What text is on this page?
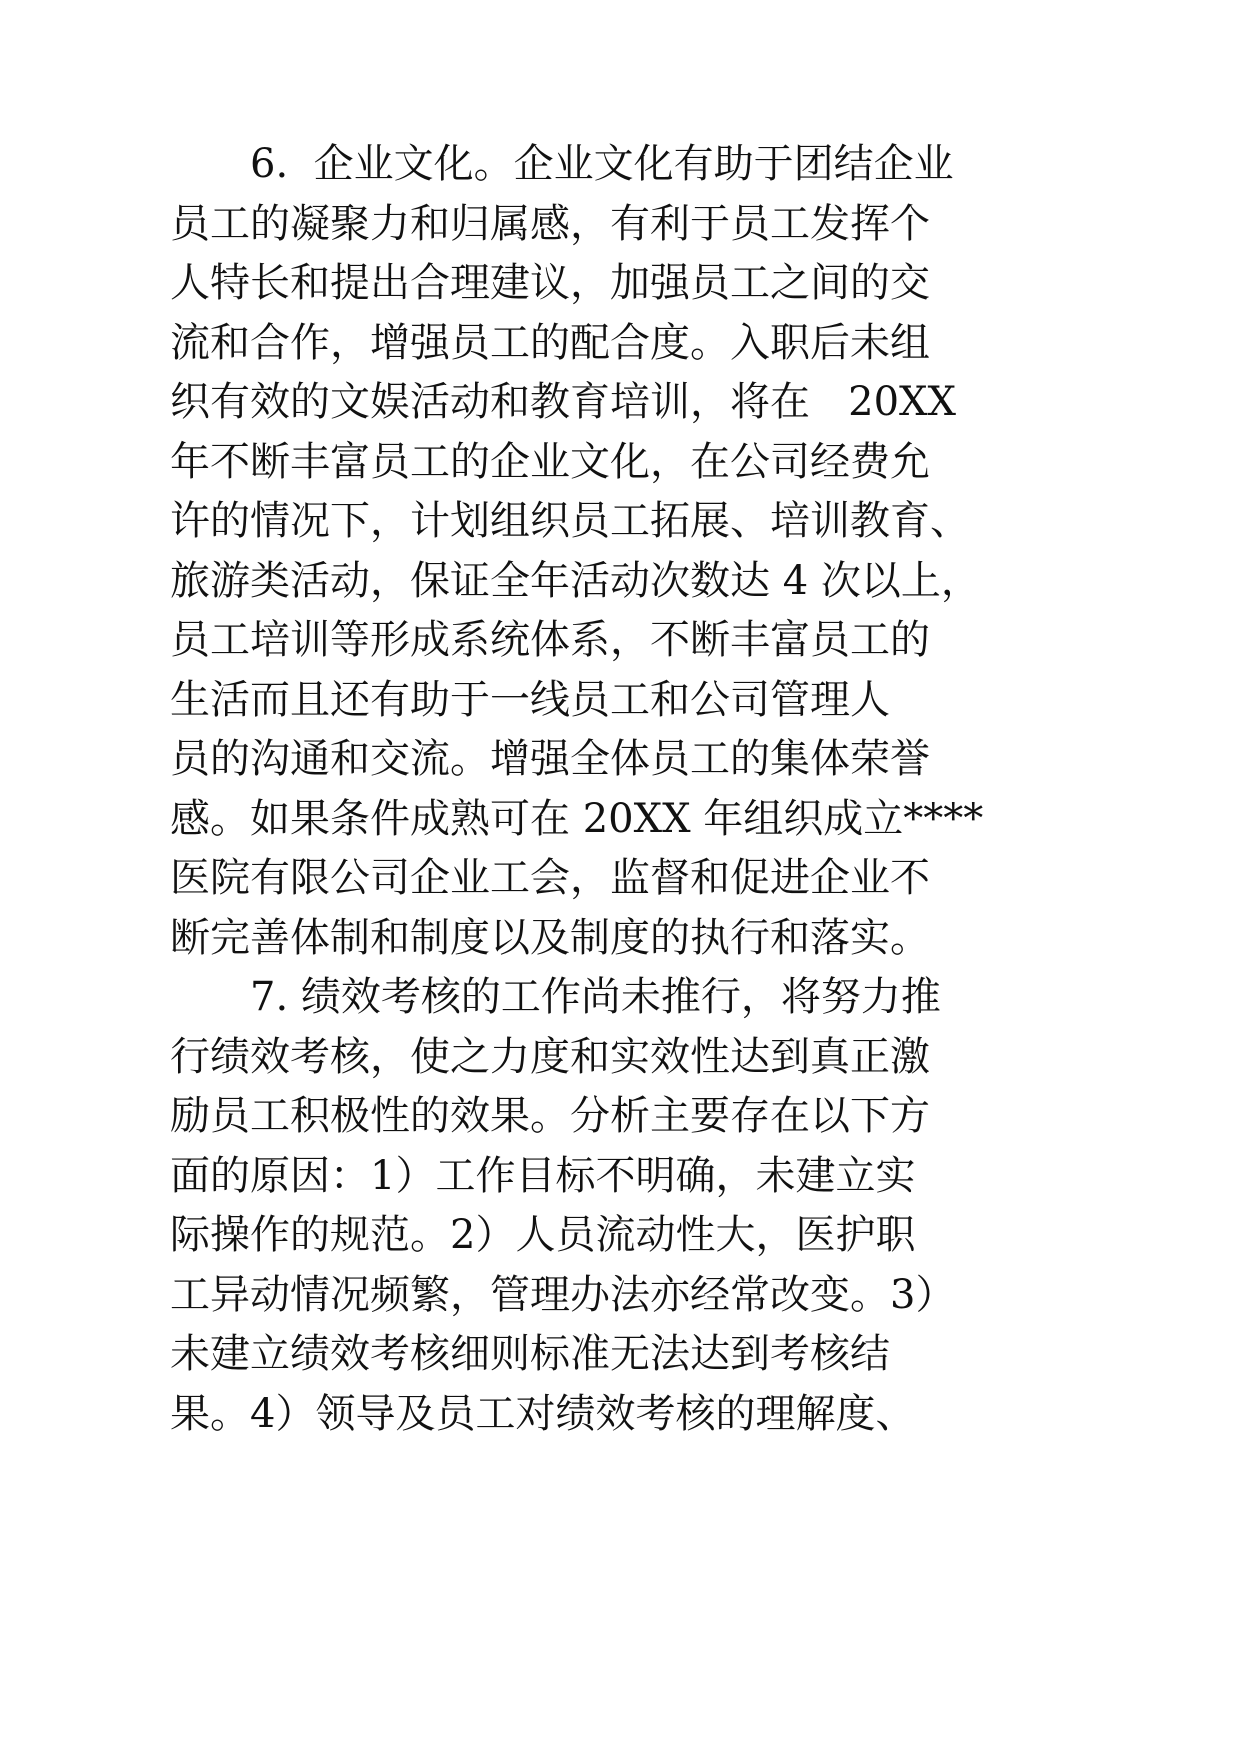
6.  企业文化。企业文化有助于团结企业
员工的凝聚力和归属感，有利于员工发挥个
人特长和提出合理建议，加强员工之间的交
流和合作，增强员工的配合度。入职后未组
织有效的文娱活动和教育培训，将在   20XX
年不断丰富员工的企业文化，在公司经费允
许的情况下，计划组织员工拓展、培训教育、
旅游类活动，保证全年活动次数达 4 次以上，
员工培训等形成系统体系，不断丰富员工的
生活而且还有助于一线员工和公司管理人
员的沟通和交流。增强全体员工的集体荣誉
感。如果条件成熟可在 20XX 年组织成立****
医院有限公司企业工会，监督和促进企业不
断完善体制和制度以及制度的执行和落实。
7. 绩效考核的工作尚未推行，将努力推
行绩效考核，使之力度和实效性达到真正激
励员工积极性的效果。分析主要存在以下方
面的原因：1）工作目标不明确，未建立实
际操作的规范。2）人员流动性大，医护职
工异动情况频繁，管理办法亦经常改变。3）
未建立绩效考核细则标准无法达到考核结
果。4）领导及员工对绩效考核的理解度、
